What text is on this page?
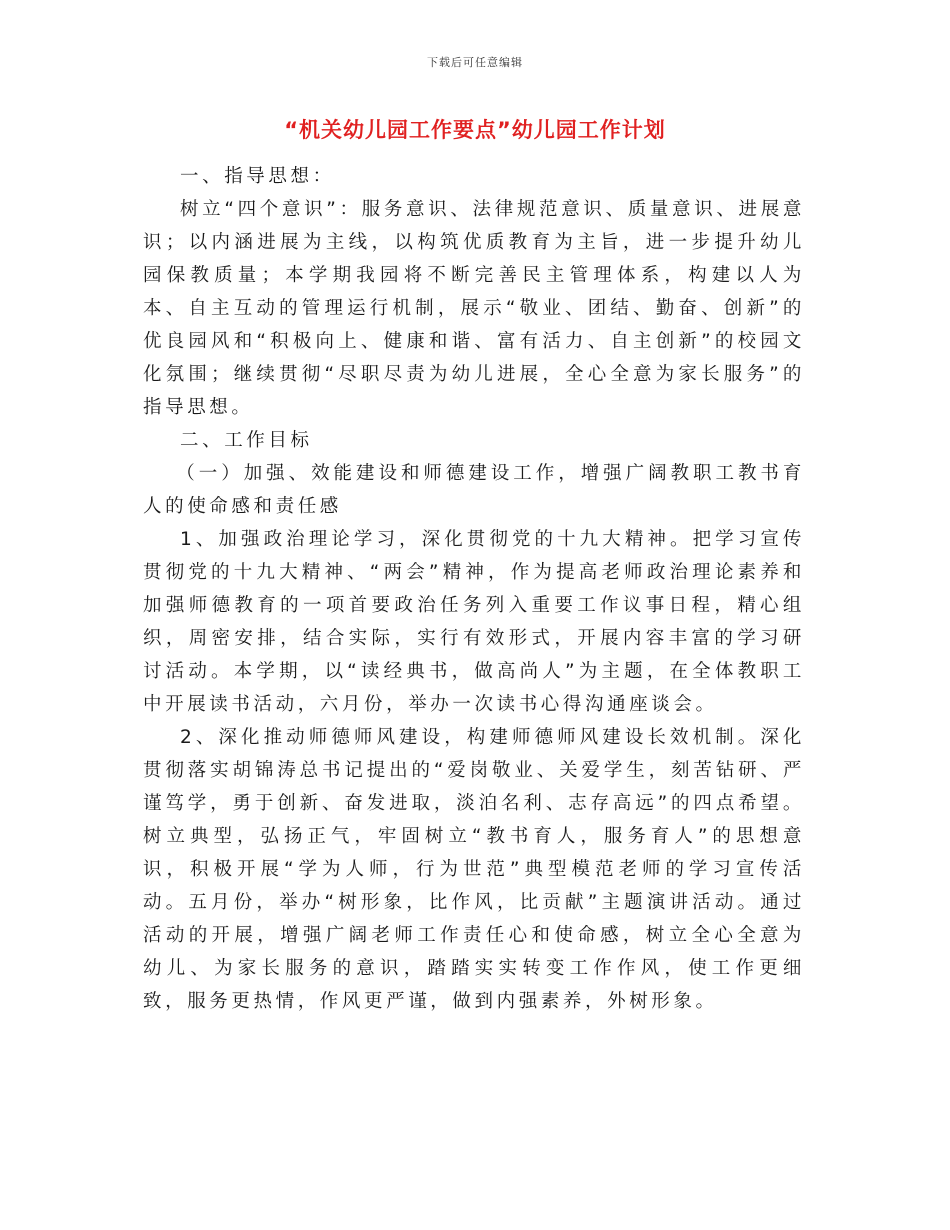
下载后可任意编辑
“机关幼儿园工作要点”幼儿园工作计划

一、指导思想：

树立“四个意识”：服务意识、法律规范意识、质量意识、进展意识；以内涵进展为主线，以构筑优质教育为主旨，进一步提升幼儿园保教质量；本学期我园将不断完善民主管理体系，构建以人为本、自主互动的管理运行机制，展示“敬业、团结、勤奋、创新”的优良园风和“积极向上、健康和谐、富有活力、自主创新”的校园文化氛围；继续贯彻“尽职尽责为幼儿进展，全心全意为家长服务”的指导思想。

二、工作目标

（一）加强、效能建设和师德建设工作，增强广阔教职工教书育人的使命感和责任感

1、加强政治理论学习，深化贯彻党的十九大精神。把学习宣传贯彻党的十九大精神、“两会”精神，作为提高老师政治理论素养和加强师德教育的一项首要政治任务列入重要工作议事日程，精心组织，周密安排，结合实际，实行有效形式，开展内容丰富的学习研讨活动。本学期，以“读经典书，做高尚人”为主题，在全体教职工中开展读书活动，六月份，举办一次读书心得沟通座谈会。

2、深化推动师德师风建设，构建师德师风建设长效机制。深化贯彻落实胡锦涛总书记提出的“爱岗敬业、关爱学生，刻苦钻研、严谨笃学，勇于创新、奋发进取，淡泊名利、志存高远”的四点希望。树立典型，弘扬正气，牢固树立“教书育人，服务育人”的思想意识，积极开展“学为人师，行为世范”典型模范老师的学习宣传活动。五月份，举办“树形象，比作风，比贡献”主题演讲活动。通过活动的开展，增强广阔老师工作责任心和使命感，树立全心全意为幼儿、为家长服务的意识，踏踏实实转变工作作风，使工作更细致，服务更热情，作风更严谨，做到内强素养，外树形象。
